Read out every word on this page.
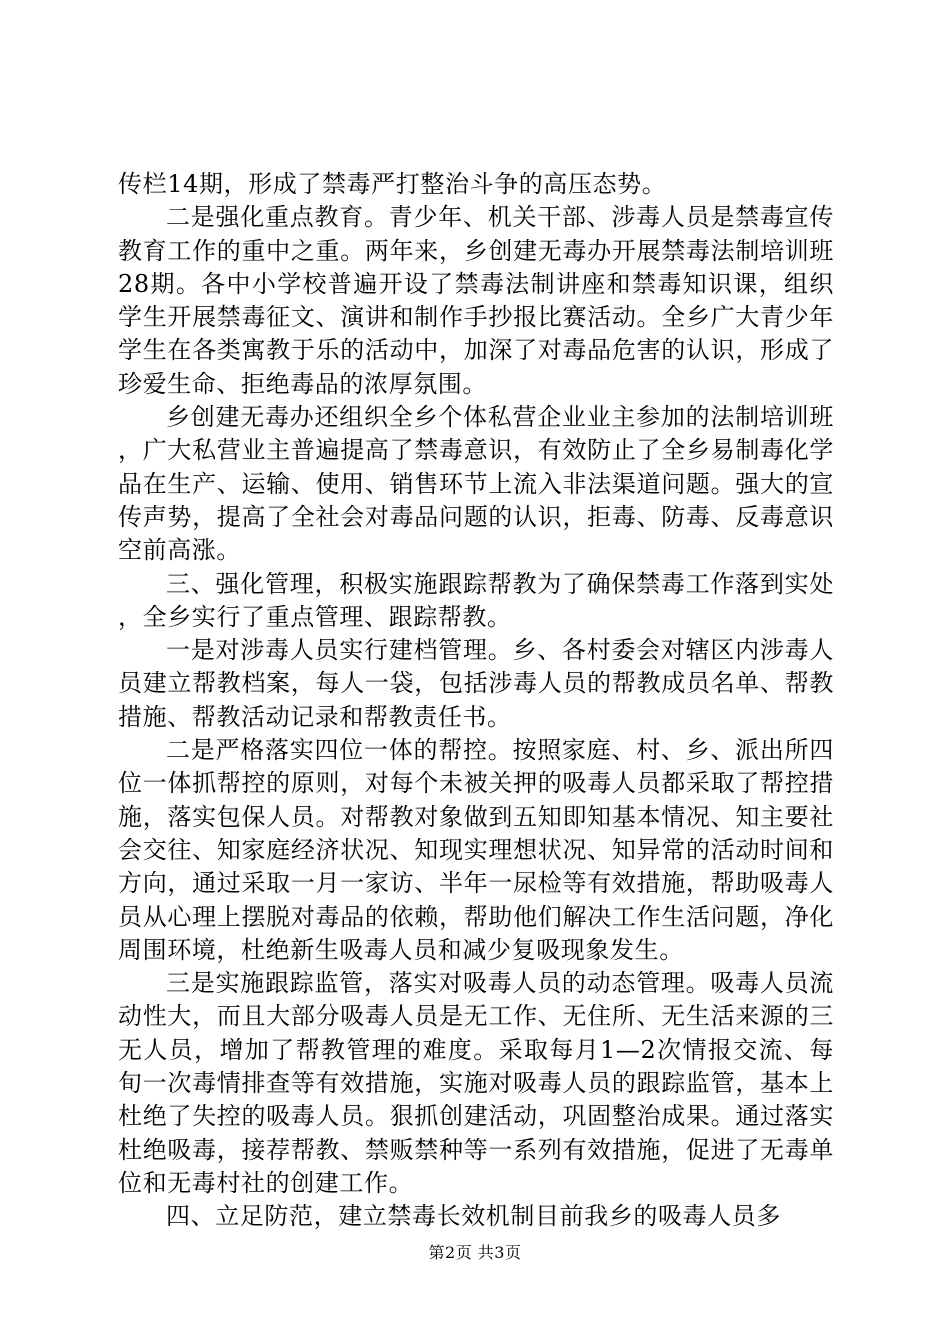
传栏14期，形成了禁毒严打整治斗争的高压态势。

二是强化重点教育。青少年、机关干部、涉毒人员是禁毒宣传教育工作的重中之重。两年来，乡创建无毒办开展禁毒法制培训班28期。各中小学校普遍开设了禁毒法制讲座和禁毒知识课，组织学生开展禁毒征文、演讲和制作手抄报比赛活动。全乡广大青少年学生在各类寓教于乐的活动中，加深了对毒品危害的认识，形成了珍爱生命、拒绝毒品的浓厚氛围。

乡创建无毒办还组织全乡个体私营企业业主参加的法制培训班，广大私营业主普遍提高了禁毒意识，有效防止了全乡易制毒化学品在生产、运输、使用、销售环节上流入非法渠道问题。强大的宣传声势，提高了全社会对毒品问题的认识，拒毒、防毒、反毒意识空前高涨。

三、强化管理，积极实施跟踪帮教为了确保禁毒工作落到实处，全乡实行了重点管理、跟踪帮教。

一是对涉毒人员实行建档管理。乡、各村委会对辖区内涉毒人员建立帮教档案，每人一袋，包括涉毒人员的帮教成员名单、帮教措施、帮教活动记录和帮教责任书。

二是严格落实四位一体的帮控。按照家庭、村、乡、派出所四位一体抓帮控的原则，对每个未被关押的吸毒人员都采取了帮控措施，落实包保人员。对帮教对象做到五知即知基本情况、知主要社会交往、知家庭经济状况、知现实理想状况、知异常的活动时间和方向，通过采取一月一家访、半年一尿检等有效措施，帮助吸毒人员从心理上摆脱对毒品的依赖，帮助他们解决工作生活问题，净化周围环境，杜绝新生吸毒人员和减少复吸现象发生。

三是实施跟踪监管，落实对吸毒人员的动态管理。吸毒人员流动性大，而且大部分吸毒人员是无工作、无住所、无生活来源的三无人员，增加了帮教管理的难度。采取每月1—2次情报交流、每旬一次毒情排查等有效措施，实施对吸毒人员的跟踪监管，基本上杜绝了失控的吸毒人员。狠抓创建活动，巩固整治成果。通过落实杜绝吸毒，接荐帮教、禁贩禁种等一系列有效措施，促进了无毒单位和无毒村社的创建工作。

四、立足防范，建立禁毒长效机制目前我乡的吸毒人员多

第2页 共3页
